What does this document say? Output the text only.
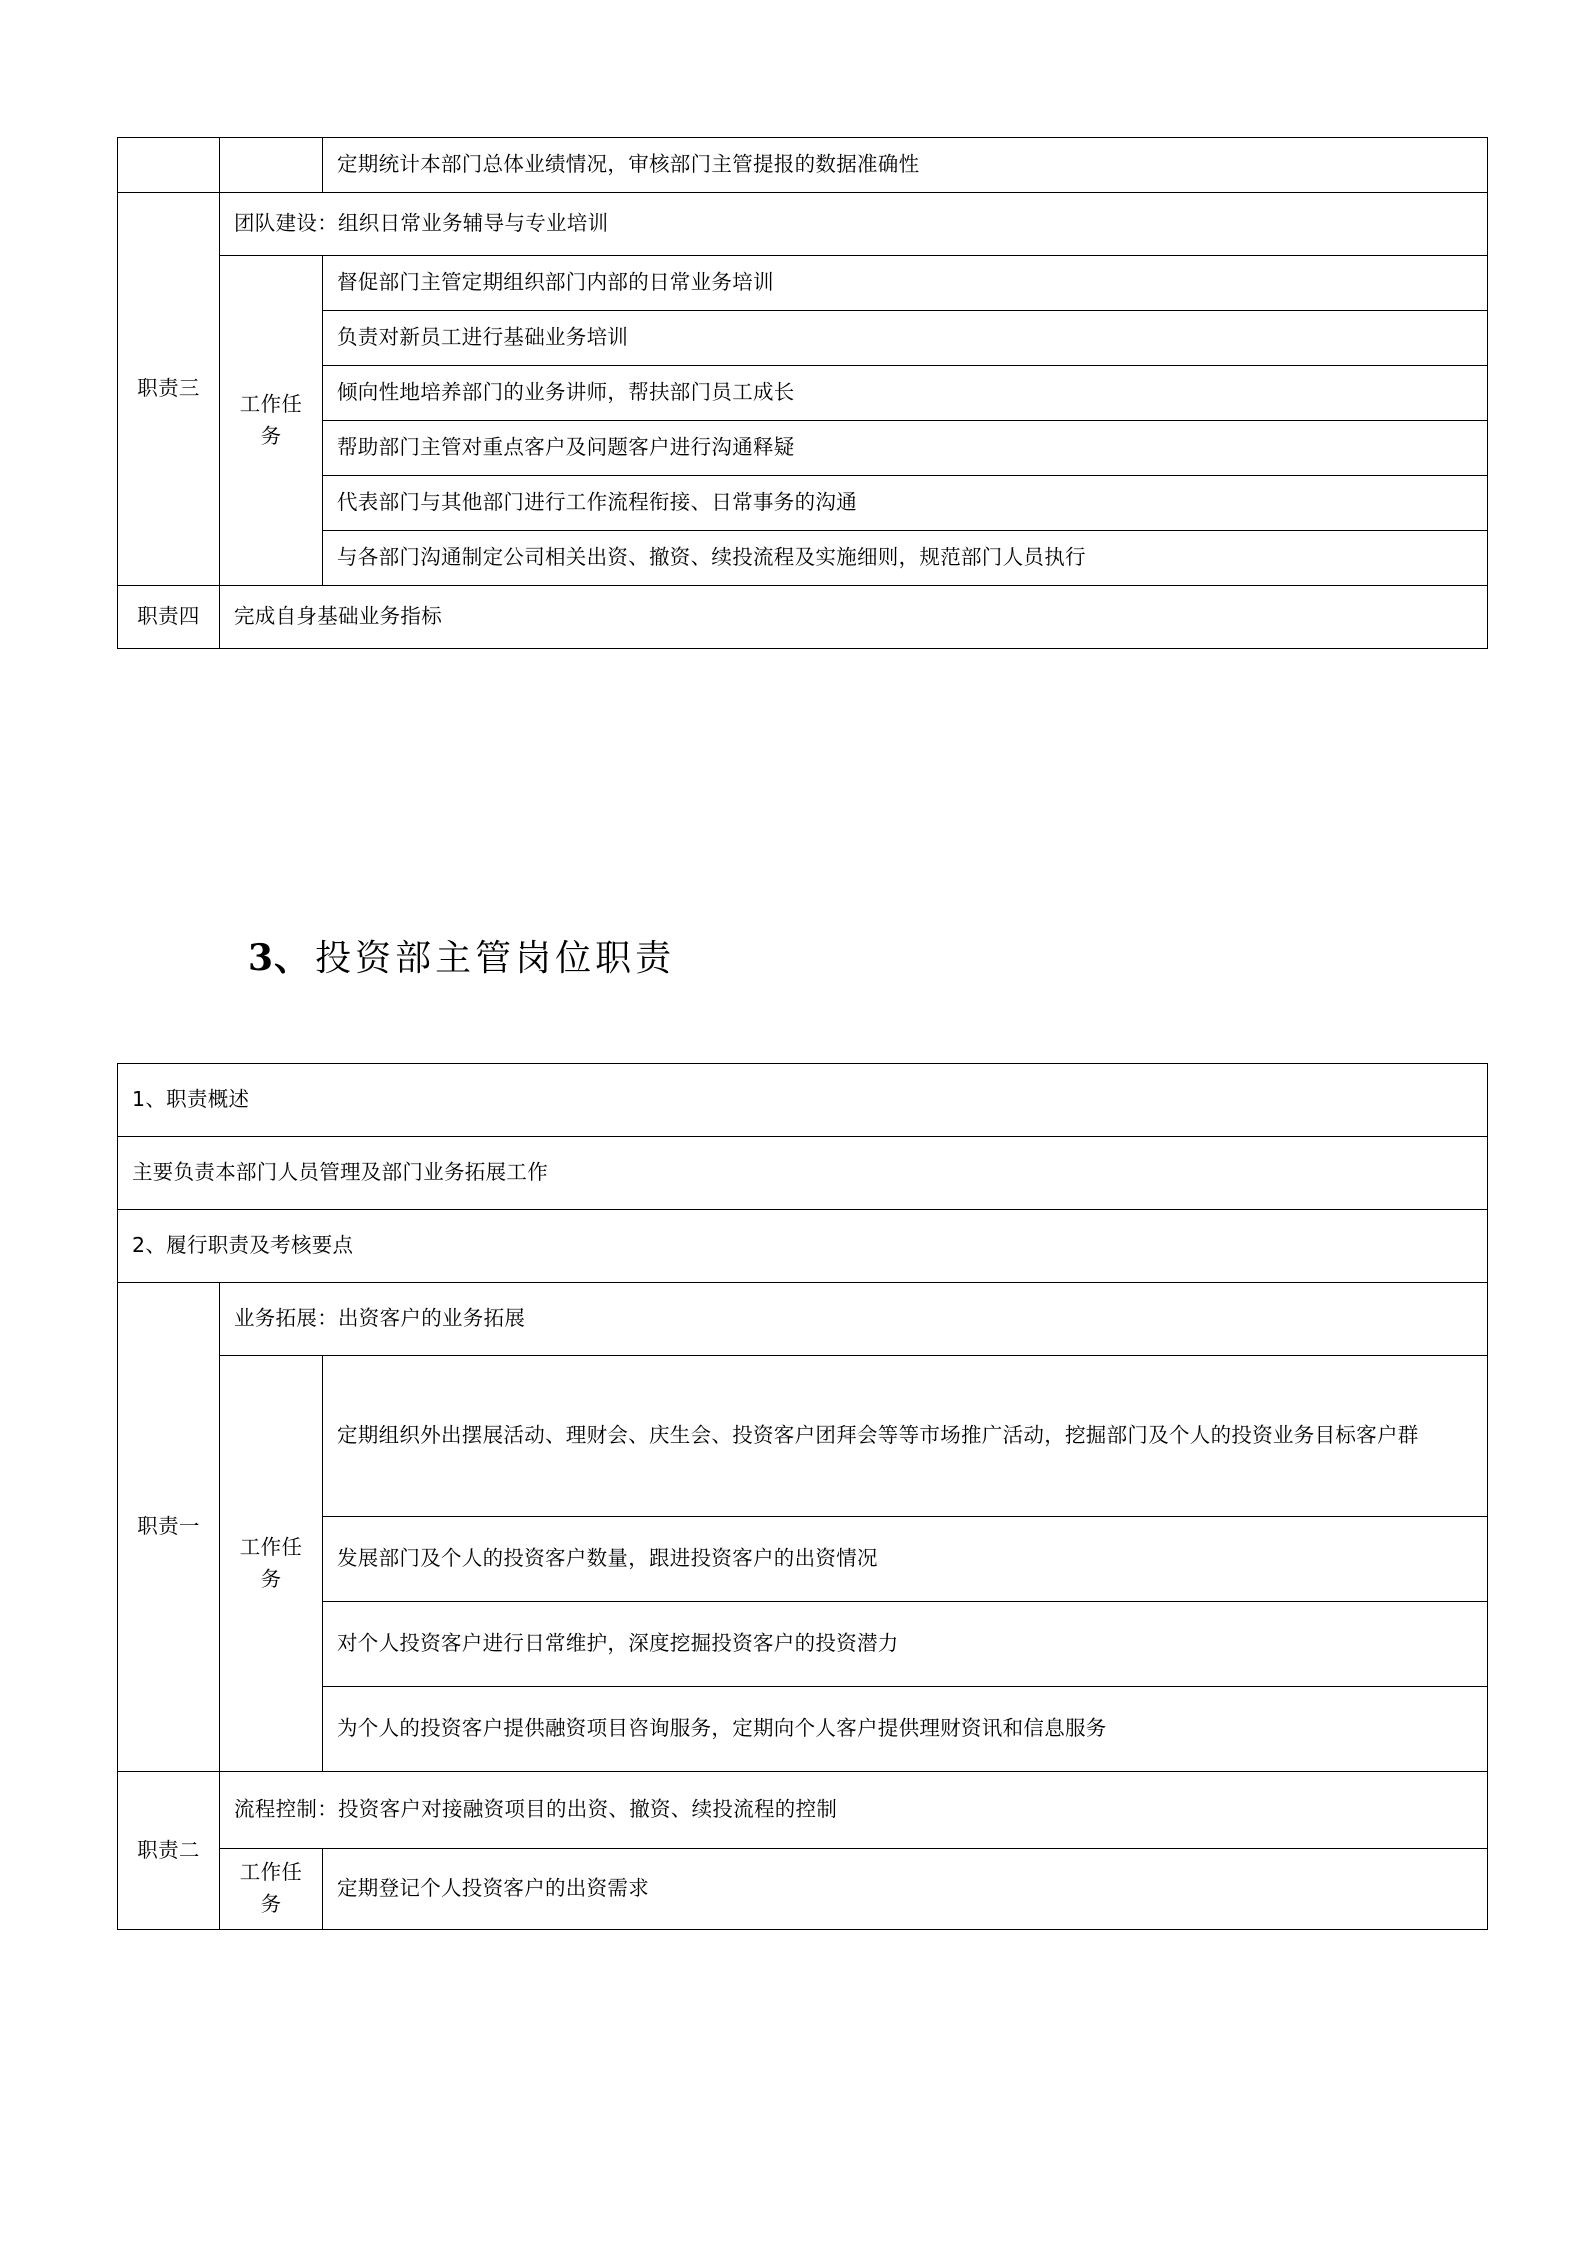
		定期统计本部门总体业绩情况，审核部门主管提报的数据准确性
职责三	团队建设：组织日常业务辅导与专业培训	
	工作任务	督促部门主管定期组织部门内部的日常业务培训
		负责对新员工进行基础业务培训
		倾向性地培养部门的业务讲师，帮扶部门员工成长
		帮助部门主管对重点客户及问题客户进行沟通释疑
		代表部门与其他部门进行工作流程衔接、日常事务的沟通
		与各部门沟通制定公司相关出资、撤资、续投流程及实施细则，规范部门人员执行
职责四	完成自身基础业务指标	
3、 投资部主管岗位职责
1、职责概述		
主要负责本部门人员管理及部门业务拓展工作		
2、履行职责及考核要点		
职责一	业务拓展：出资客户的业务拓展	
	工作任务	定期组织外出摆展活动、理财会、庆生会、投资客户团拜会等等市场推广活动，挖掘部门及个人的投资业务目标客户群
		发展部门及个人的投资客户数量，跟进投资客户的出资情况
		对个人投资客户进行日常维护，深度挖掘投资客户的投资潜力
		为个人的投资客户提供融资项目咨询服务，定期向个人客户提供理财资讯和信息服务
职责二	流程控制：投资客户对接融资项目的出资、撤资、续投流程的控制	
	工作任务	定期登记个人投资客户的出资需求
